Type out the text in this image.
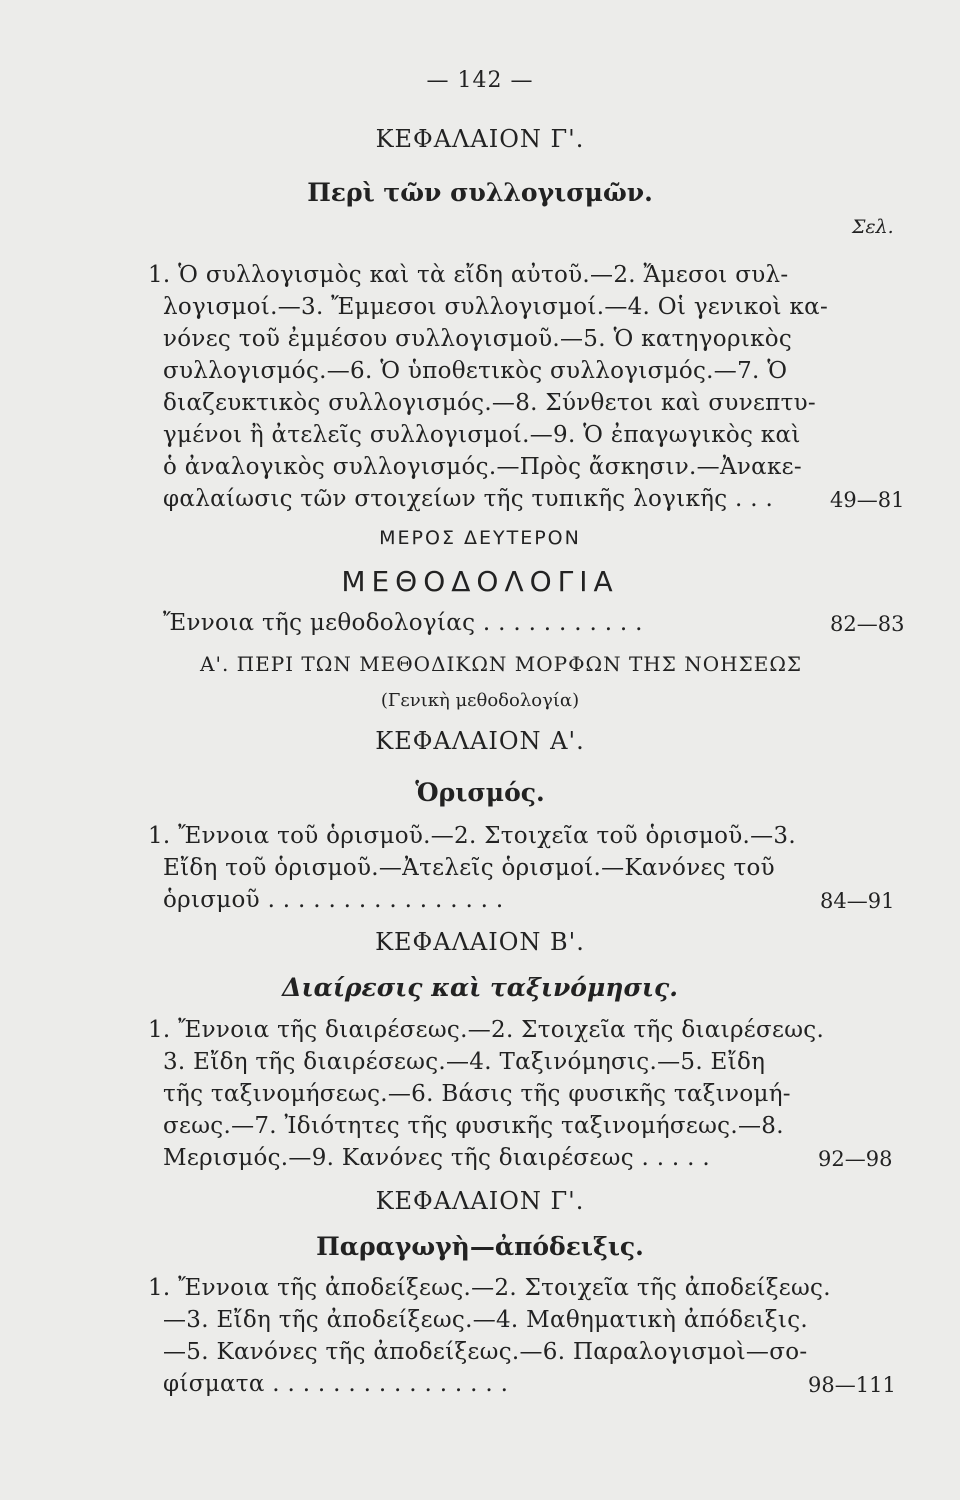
— 142 —
ΚΕΦΑΛΑΙΟΝ Γ'.
Περὶ τῶν συλλογισμῶν.
Σελ.
1. Ὁ συλλογισμὸς καὶ τὰ εἴδη αὐτοῦ.—2. Ἄμεσοι συλ-
λογισμοί.—3. Ἔμμεσοι συλλογισμοί.—4. Οἱ γενικοὶ κα-
νόνες τοῦ ἐμμέσου συλλογισμοῦ.—5. Ὁ κατηγορικὸς
συλλογισμός.—6. Ὁ ὑποθετικὸς συλλογισμός.—7. Ὁ
διαζευκτικὸς συλλογισμός.—8. Σύνθετοι καὶ συνεπτυ-
γμένοι ἢ ἀτελεῖς συλλογισμοί.—9. Ὁ ἐπαγωγικὸς καὶ
ὁ ἀναλογικὸς συλλογισμός.—Πρὸς ἄσκησιν.—Ἀνακε-
φαλαίωσις τῶν στοιχείων τῆς τυπικῆς λογικῆς . . .	49—81
ΜΕΡΟΣ ΔΕΥΤΕΡΟΝ
ΜΕΘΟΔΟΛΟΓΙΑ
Ἔννοια τῆς μεθοδολογίας . . . . . . . . . . .	82—83
Α'. ΠΕΡΙ ΤΩΝ ΜΕΘΟΔΙΚΩΝ ΜΟΡΦΩΝ ΤΗΣ ΝΟΗΣΕΩΣ
(Γενικὴ μεθοδολογία)
ΚΕΦΑΛΑΙΟΝ Α'.
Ὁρισμός.
1. Ἔννοια τοῦ ὁρισμοῦ.—2. Στοιχεῖα τοῦ ὁρισμοῦ.—3.
Εἴδη τοῦ ὁρισμοῦ.—Ἀτελεῖς ὁρισμοί.—Κανόνες τοῦ
ὁρισμοῦ . . . . . . . . . . . . . . . .	84—91
ΚΕΦΑΛΑΙΟΝ Β'.
Διαίρεσις καὶ ταξινόμησις.
1. Ἔννοια τῆς διαιρέσεως.—2. Στοιχεῖα τῆς διαιρέσεως.
3. Εἴδη τῆς διαιρέσεως.—4. Ταξινόμησις.—5. Εἴδη
τῆς ταξινομήσεως.—6. Βάσις τῆς φυσικῆς ταξινομή-
σεως.—7. Ἰδιότητες τῆς φυσικῆς ταξινομήσεως.—8.
Μερισμός.—9. Κανόνες τῆς διαιρέσεως . . . . .	92—98
ΚΕΦΑΛΑΙΟΝ Γ'.
Παραγωγὴ—ἀπόδειξις.
1. Ἔννοια τῆς ἀποδείξεως.—2. Στοιχεῖα τῆς ἀποδείξεως.
—3. Εἴδη τῆς ἀποδείξεως.—4. Μαθηματικὴ ἀπόδειξις.
—5. Κανόνες τῆς ἀποδείξεως.—6. Παραλογισμοὶ—σο-
φίσματα . . . . . . . . . . . . . . . .	98—111
